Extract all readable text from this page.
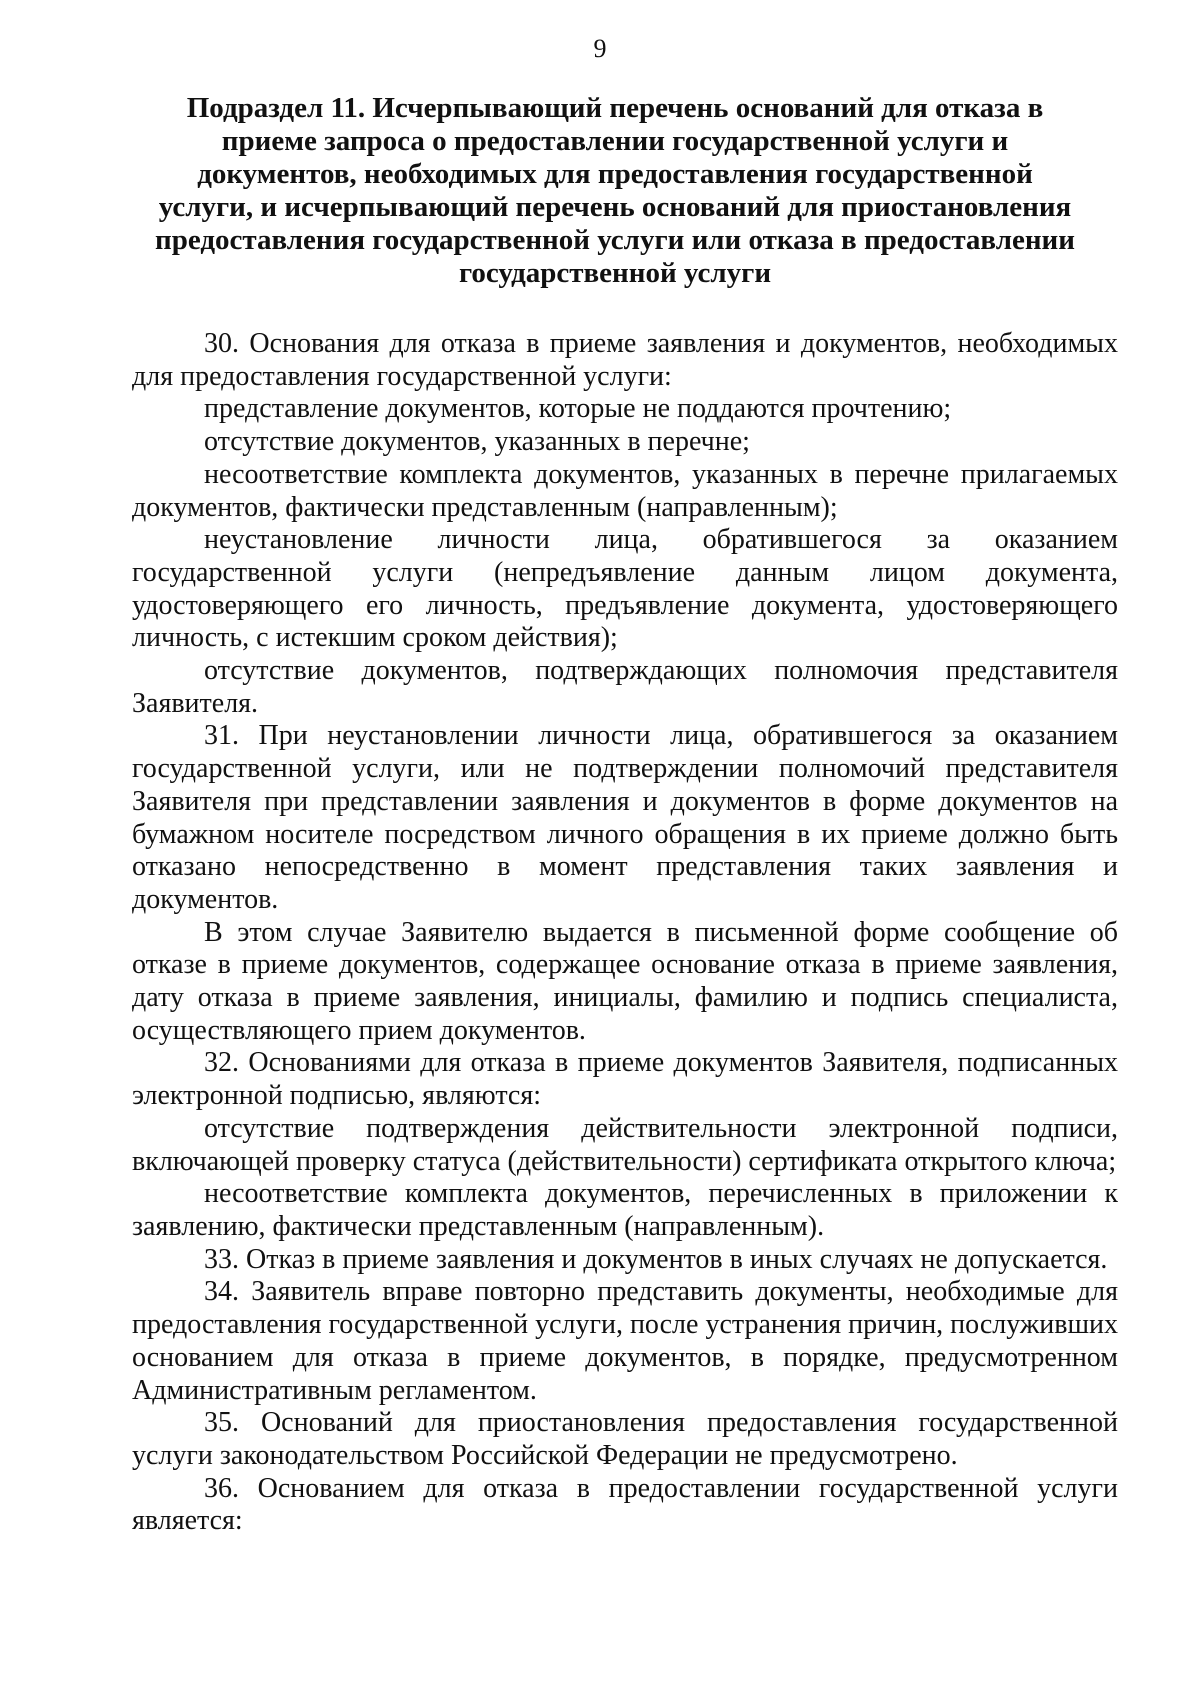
9
Подраздел 11. Исчерпывающий перечень оснований для отказа в приеме запроса о предоставлении государственной услуги и документов, необходимых для предоставления государственной услуги, и исчерпывающий перечень оснований для приостановления предоставления государственной услуги или отказа в предоставлении государственной услуги

30. Основания для отказа в приеме заявления и документов, необходимых для предоставления государственной услуги:

представление документов, которые не поддаются прочтению;

отсутствие документов, указанных в перечне;

несоответствие комплекта документов, указанных в перечне прилагаемых документов, фактически представленным (направленным);

неустановление личности лица, обратившегося за оказанием государственной услуги (непредъявление данным лицом документа, удостоверяющего его личность, предъявление документа, удостоверяющего личность, с истекшим сроком действия);

отсутствие документов, подтверждающих полномочия представителя Заявителя.

31. При неустановлении личности лица, обратившегося за оказанием государственной услуги, или не подтверждении полномочий представителя Заявителя при представлении заявления и документов в форме документов на бумажном носителе посредством личного обращения в их приеме должно быть отказано непосредственно в момент представления таких заявления и документов.

В этом случае Заявителю выдается в письменной форме сообщение об отказе в приеме документов, содержащее основание отказа в приеме заявления, дату отказа в приеме заявления, инициалы, фамилию и подпись специалиста, осуществляющего прием документов.

32. Основаниями для отказа в приеме документов Заявителя, подписанных электронной подписью, являются:

отсутствие подтверждения действительности электронной подписи, включающей проверку статуса (действительности) сертификата открытого ключа;

несоответствие комплекта документов, перечисленных в приложении к заявлению, фактически представленным (направленным).

33. Отказ в приеме заявления и документов в иных случаях не допускается.

34. Заявитель вправе повторно представить документы, необходимые для предоставления государственной услуги, после устранения причин, послуживших основанием для отказа в приеме документов, в порядке, предусмотренном Административным регламентом.

35. Оснований для приостановления предоставления государственной услуги законодательством Российской Федерации не предусмотрено.

36. Основанием для отказа в предоставлении государственной услуги является:
